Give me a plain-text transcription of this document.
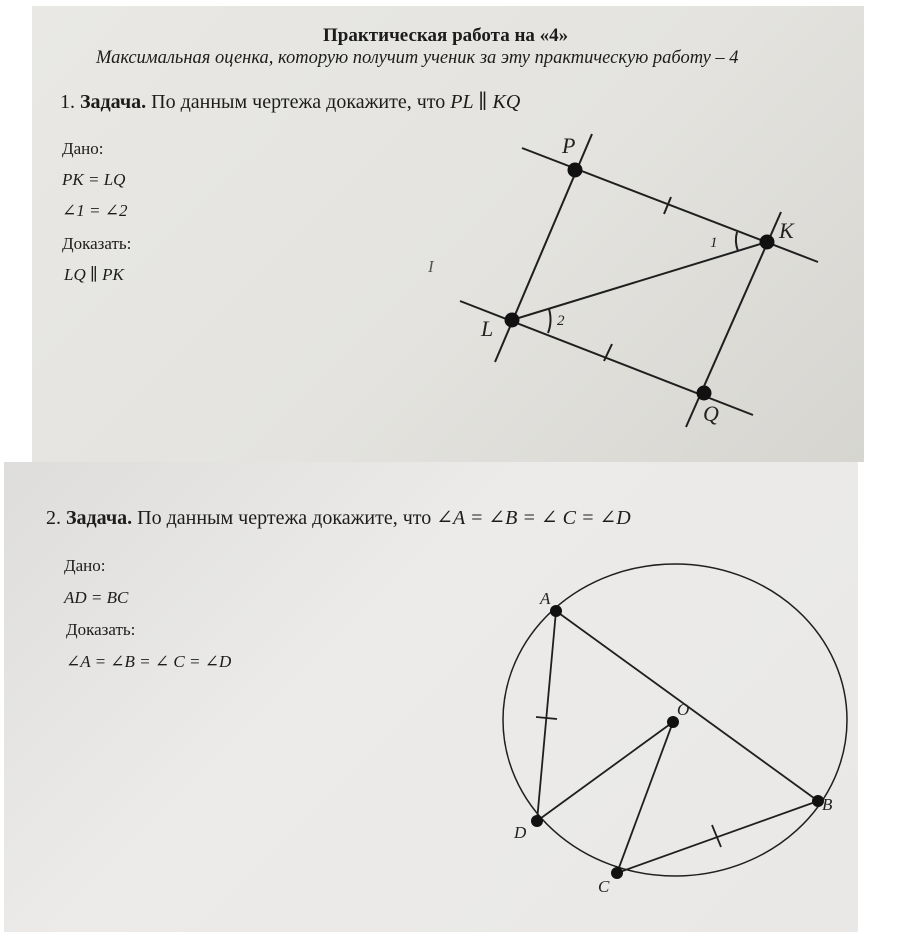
Практическая работа на «4»
Максимальная оценка, которую получит ученик за эту практическую работу – 4
1. Задача. По данным чертежа докажите, что PL ∥ KQ
Дано:
PK = LQ
∠1 = ∠2
Доказать:
LQ ∥ PK	I
P
K
L
Q
1
2
2. Задача. По данным чертежа докажите, что ∠A = ∠B = ∠ C = ∠D
Дано:
AD = BC
Доказать:
∠A = ∠B = ∠ C = ∠D
A
B
C
D
O
